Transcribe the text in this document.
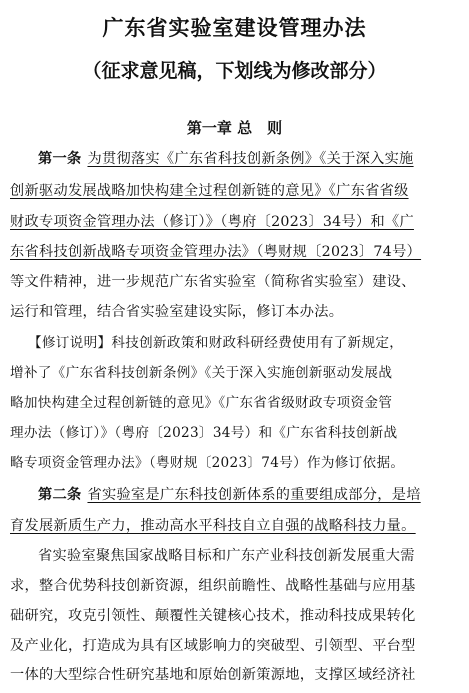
广东省实验室建设管理办法
（征求意见稿，下划线为修改部分）
第一章 总　则
第一条 为贯彻落实《广东省科技创新条例》《关于深入实施
创新驱动发展战略加快构建全过程创新链的意见》《广东省省级
财政专项资金管理办法（修订）》（粤府〔2023〕34号）和《广
东省科技创新战略专项资金管理办法》（粤财规〔2023〕74号）
等文件精神，进一步规范广东省实验室（简称省实验室）建设、
运行和管理，结合省实验室建设实际，修订本办法。
【修订说明】科技创新政策和财政科研经费使用有了新规定，
增补了《广东省科技创新条例》《关于深入实施创新驱动发展战
略加快构建全过程创新链的意见》《广东省省级财政专项资金管
理办法（修订）》（粤府〔2023〕34号）和《广东省科技创新战
略专项资金管理办法》（粤财规〔2023〕74号）作为修订依据。
第二条 省实验室是广东科技创新体系的重要组成部分，是培
育发展新质生产力，推动高水平科技自立自强的战略科技力量。
省实验室聚焦国家战略目标和广东产业科技创新发展重大需
求，整合优势科技创新资源，组织前瞻性、战略性基础与应用基
础研究，攻克引领性、颠覆性关键核心技术，推动科技成果转化
及产业化，打造成为具有区域影响力的突破型、引领型、平台型
一体的大型综合性研究基地和原始创新策源地，支撑区域经济社
